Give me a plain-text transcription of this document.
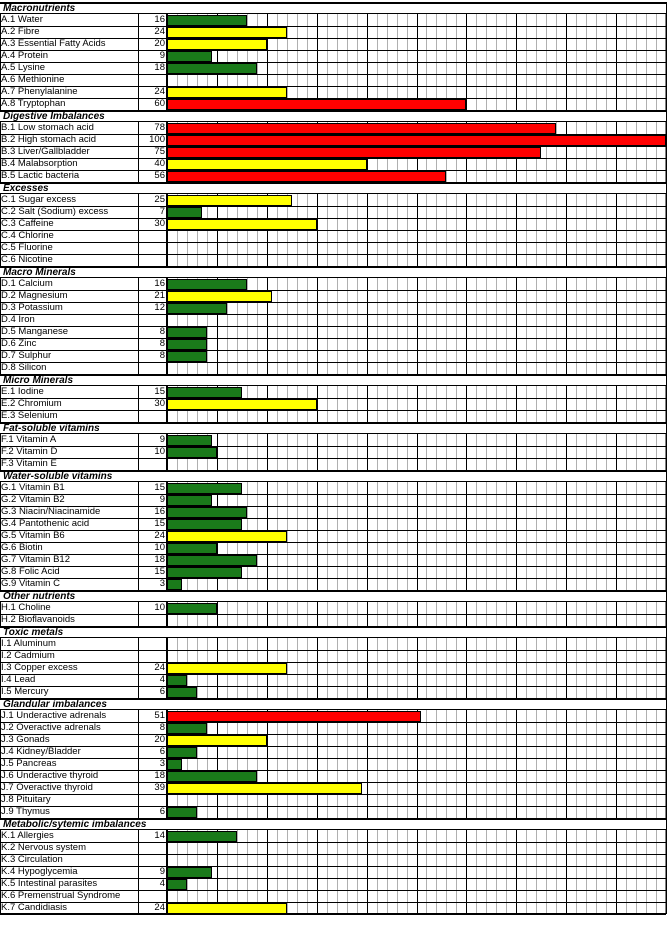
Macronutrients
A.1 Water	16
A.2 Fibre	24
A.3 Essential Fatty Acids	20
A.4 Protein	9
A.5 Lysine	18
A.6 Methionine
A.7 Phenylalanine	24
A.8 Tryptophan	60
Digestive Imbalances
B.1 Low stomach acid	78
B.2 High stomach acid	100
B.3 Liver/Gallbladder	75
B.4 Malabsorption	40
B.5 Lactic bacteria	56
Excesses
C.1 Sugar excess	25
C.2 Salt (Sodium) excess	7
C.3 Caffeine	30
C.4 Chlorine
C.5 Fluorine
C.6 Nicotine
Macro Minerals
D.1 Calcium	16
D.2 Magnesium	21
D.3 Potassium	12
D.4 Iron
D.5 Manganese	8
D.6 Zinc	8
D.7 Sulphur	8
D.8 Silicon
Micro Minerals
E.1 Iodine	15
E.2 Chromium	30
E.3 Selenium
Fat-soluble vitamins
F.1 Vitamin A	9
F.2 Vitamin D	10
F.3 Vitamin E
Water-soluble vitamins
G.1 Vitamin B1	15
G.2 Vitamin B2	9
G.3 Niacin/Niacinamide	16
G.4 Pantothenic acid	15
G.5 Vitamin B6	24
G.6 Biotin	10
G.7 Vitamin B12	18
G.8 Folic Acid	15
G.9 Vitamin C	3
Other nutrients
H.1 Choline	10
H.2 Bioflavanoids
Toxic metals
I.1 Aluminum
I.2 Cadmium
I.3 Copper excess	24
I.4 Lead	4
I.5 Mercury	6
Glandular imbalances
J.1 Underactive adrenals	51
J.2 Overactive adrenals	8
J.3 Gonads	20
J.4 Kidney/Bladder	6
J.5 Pancreas	3
J.6 Underactive thyroid	18
J.7 Overactive thyroid	39
J.8 Pituitary
J.9 Thymus	6
Metabolic/sytemic imbalances
K.1 Allergies	14
K.2 Nervous system
K.3 Circulation
K.4 Hypoglycemia	9
K.5 Intestinal parasites	4
K.6 Premenstrual Syndrome
K.7 Candidiasis	24
